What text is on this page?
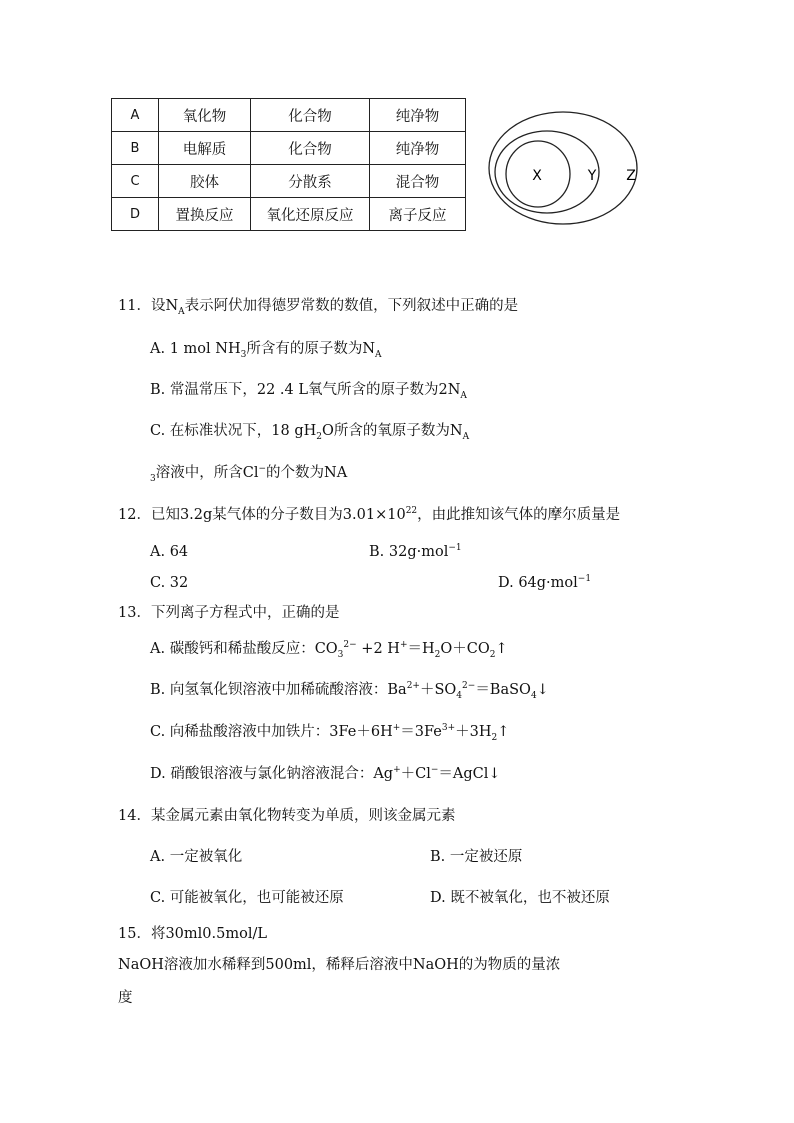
A	氧化物	化合物	纯净物
B	电解质	化合物	纯净物
C	胶体	分散系	混合物
D	置换反应	氧化还原反应	离子反应
X	Y Z
11．设$N_A$表示阿伏加得德罗常数的数值，下列叙述中正确的是
A. 1 mol $NH_3$所含有的原子数为$N_A$
B. 常温常压下，22 .4 L氧气所含的原子数为$2N_A$
C. 在标准状况下，18 $gH_2O$所含的氧原子数为$N_A$
$_3$溶液中，所含Cl−的个数为NA
12．已知3.2g某气体的分子数目为$3.01\times 10^{22}$，由此推知该气体的摩尔质量是
A. 64	B. 32g·mol$^{-1}$
C. 32	D. 64g·mol$^{-1}$
13．下列离子方程式中，正确的是
A. 碳酸钙和稀盐酸反应：$CO_3^{2-} +2$ $H^+=H_2O+CO_2↑$
B. 向氢氧化钡溶液中加稀硫酸溶液：$Ba^{2+}+SO_4^{2-}=BaSO_4↓$
C. 向稀盐酸溶液中加铁片：$3Fe+6H^+=3Fe^{3+}+3H_2↑$
D. 硝酸银溶液与氯化钠溶液混合：Ag+＋Cl−＝AgCl↓
14．某金属元素由氧化物转变为单质，则该金属元素
A. 一定被氧化	B. 一定被还原
C. 可能被氧化，也可能被还原	D. 既不被氧化，也不被还原
15．将30ml0.5mol/L
NaOH溶液加水稀释到500ml，稀释后溶液中NaOH的为物质的量浓
度
